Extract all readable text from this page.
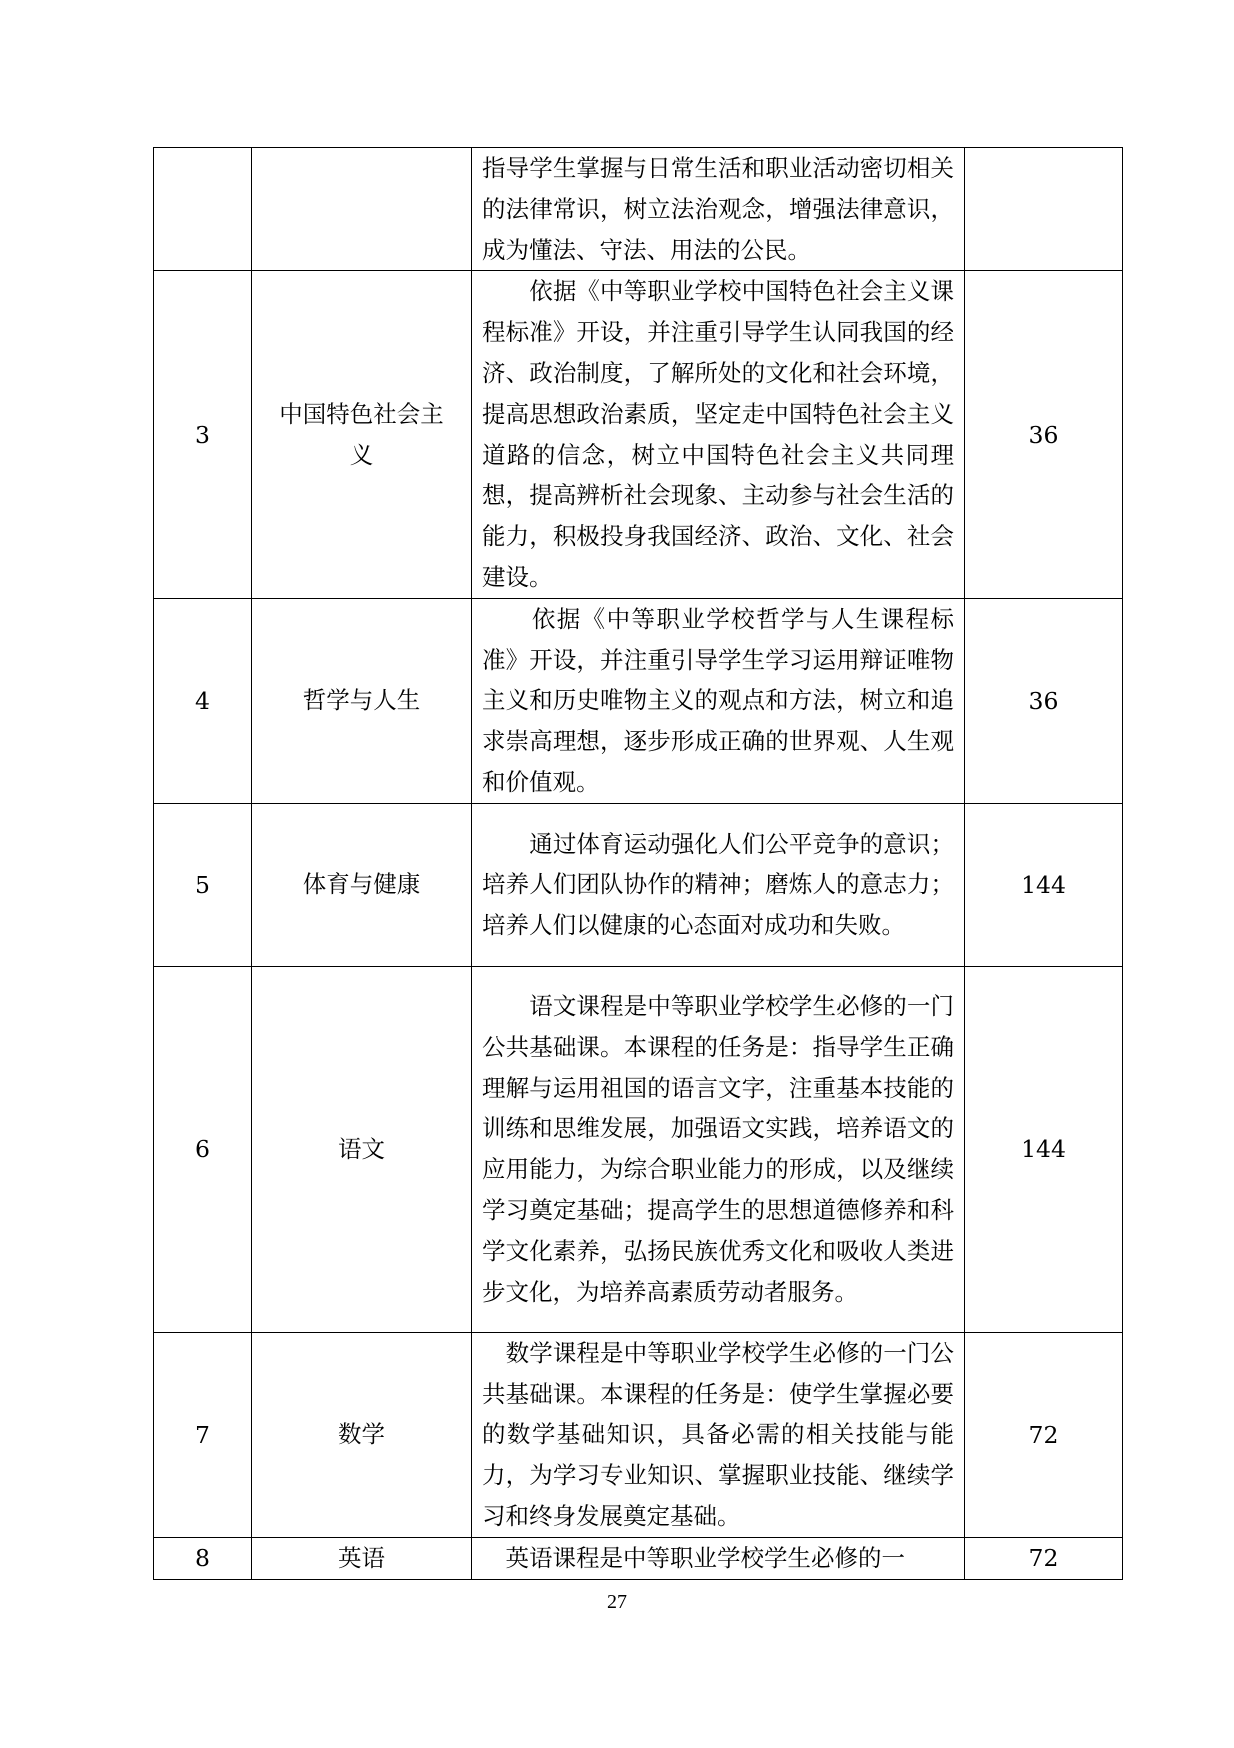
		指导学生掌握与日常生活和职业活动密切相关的法律常识，树立法治观念，增强法律意识，成为懂法、守法、用法的公民。	

3	中国特色社会主义	　　依据《中等职业学校中国特色社会主义课程标准》开设，并注重引导学生认同我国的经济、政治制度，了解所处的文化和社会环境，提高思想政治素质，坚定走中国特色社会主义道路的信念，树立中国特色社会主义共同理想，提高辨析社会现象、主动参与社会生活的能力，积极投身我国经济、政治、文化、社会建设。	36
4	哲学与人生	　　依据《中等职业学校哲学与人生课程标准》开设，并注重引导学生学习运用辩证唯物主义和历史唯物主义的观点和方法，树立和追求崇高理想，逐步形成正确的世界观、人生观和价值观。	36
5	体育与健康	　　通过体育运动强化人们公平竞争的意识；培养人们团队协作的精神；磨炼人的意志力；培养人们以健康的心态面对成功和失败。	144
6	语文	　　语文课程是中等职业学校学生必修的一门公共基础课。本课程的任务是：指导学生正确理解与运用祖国的语言文字，注重基本技能的训练和思维发展，加强语文实践，培养语文的应用能力，为综合职业能力的形成，以及继续学习奠定基础；提高学生的思想道德修养和科学文化素养，弘扬民族优秀文化和吸收人类进步文化，为培养高素质劳动者服务。	144
7	数学	　数学课程是中等职业学校学生必修的一门公共基础课。本课程的任务是：使学生掌握必要的数学基础知识，具备必需的相关技能与能力，为学习专业知识、掌握职业技能、继续学习和终身发展奠定基础。	72
8	英语	　英语课程是中等职业学校学生必修的一	72
27
